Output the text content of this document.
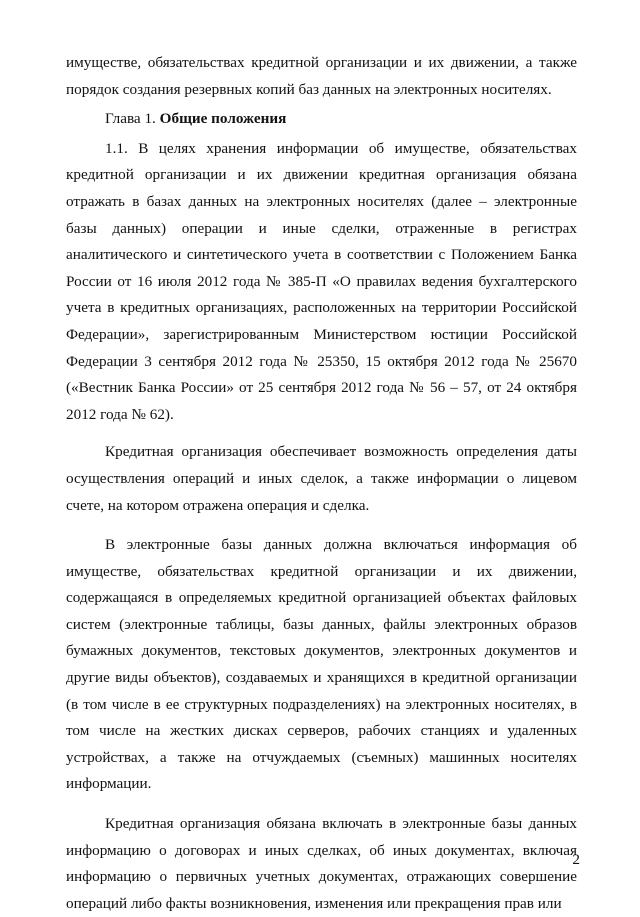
имуществе, обязательствах кредитной организации и их движении, а также порядок создания резервных копий баз данных на электронных носителях.

Глава 1. Общие положения

1.1. В целях хранения информации об имуществе, обязательствах кредитной организации и их движении кредитная организация обязана отражать в базах данных на электронных носителях (далее – электронные базы данных) операции и иные сделки, отраженные в регистрах аналитического и синтетического учета в соответствии с Положением Банка России от 16 июля 2012 года № 385-П «О правилах ведения бухгалтерского учета в кредитных организациях, расположенных на территории Российской Федерации», зарегистрированным Министерством юстиции Российской Федерации 3 сентября 2012 года № 25350, 15 октября 2012 года № 25670 («Вестник Банка России» от 25 сентября 2012 года № 56 – 57, от 24 октября 2012 года № 62).

Кредитная организация обеспечивает возможность определения даты осуществления операций и иных сделок, а также информации о лицевом счете, на котором отражена операция и сделка.

В электронные базы данных должна включаться информация об имуществе, обязательствах кредитной организации и их движении, содержащаяся в определяемых кредитной организацией объектах файловых систем (электронные таблицы, базы данных, файлы электронных образов бумажных документов, текстовых документов, электронных документов и другие виды объектов), создаваемых и хранящихся в кредитной организации (в том числе в ее структурных подразделениях) на электронных носителях, в том числе на жестких дисках серверов, рабочих станциях и удаленных устройствах, а также на отчуждаемых (съемных) машинных носителях информации.

Кредитная организация обязана включать в электронные базы данных информацию о договорах и иных сделках, об иных документах, включая информацию о первичных учетных документах, отражающих совершение операций либо факты возникновения, изменения или прекращения прав или

2
